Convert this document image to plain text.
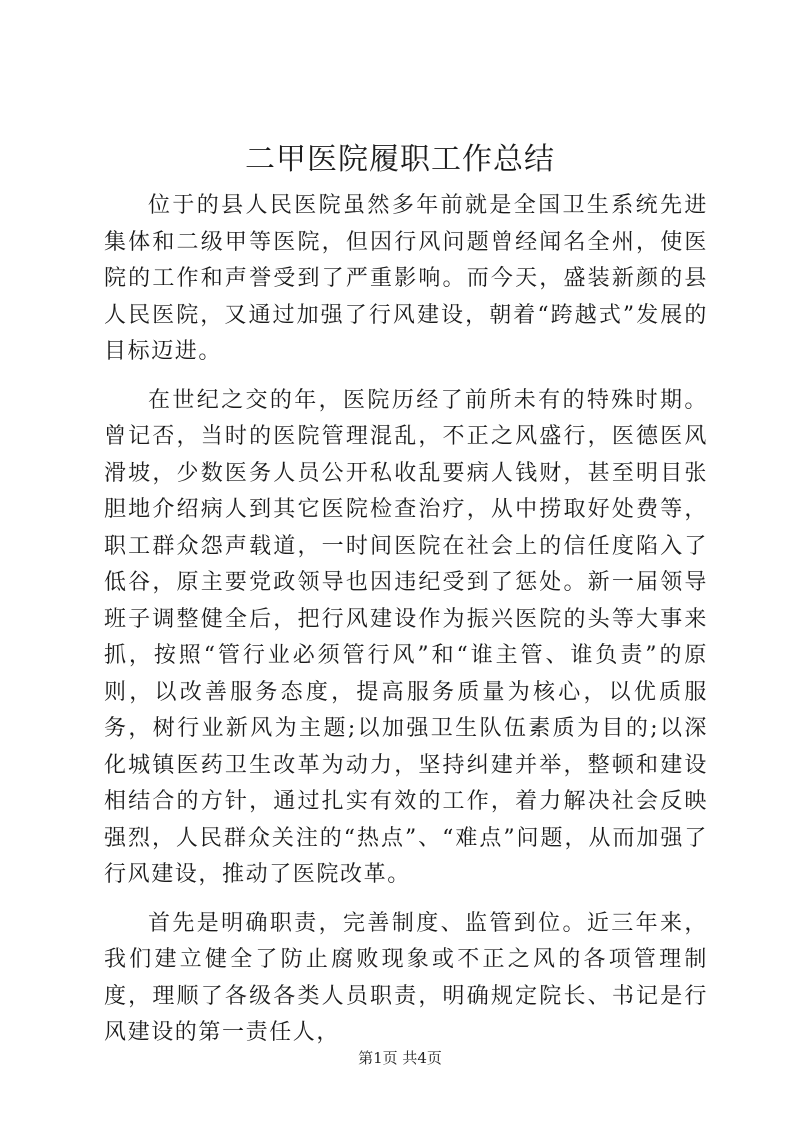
二甲医院履职工作总结

位于的县人民医院虽然多年前就是全国卫生系统先进集体和二级甲等医院，但因行风问题曾经闻名全州，使医院的工作和声誉受到了严重影响。而今天，盛装新颜的县人民医院，又通过加强了行风建设，朝着“跨越式”发展的目标迈进。

在世纪之交的年，医院历经了前所未有的特殊时期。曾记否，当时的医院管理混乱，不正之风盛行，医德医风滑坡，少数医务人员公开私收乱要病人钱财，甚至明目张胆地介绍病人到其它医院检查治疗，从中捞取好处费等，职工群众怨声载道，一时间医院在社会上的信任度陷入了低谷，原主要党政领导也因违纪受到了惩处。新一届领导班子调整健全后，把行风建设作为振兴医院的头等大事来抓，按照“管行业必须管行风”和“谁主管、谁负责”的原则，以改善服务态度，提高服务质量为核心，以优质服务，树行业新风为主题;以加强卫生队伍素质为目的;以深化城镇医药卫生改革为动力，坚持纠建并举，整顿和建设相结合的方针，通过扎实有效的工作，着力解决社会反映强烈，人民群众关注的“热点”、“难点”问题，从而加强了行风建设，推动了医院改革。

首先是明确职责，完善制度、监管到位。近三年来，我们建立健全了防止腐败现象或不正之风的各项管理制度，理顺了各级各类人员职责，明确规定院长、书记是行风建设的第一责任人，

第1页 共4页
